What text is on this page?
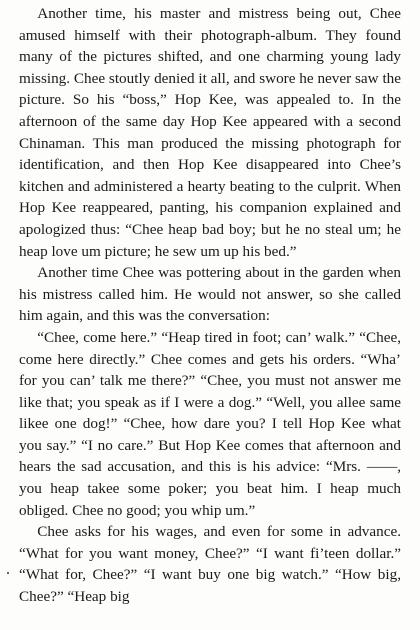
Another time, his master and mistress being out, Chee amused himself with their photograph-album. They found many of the pictures shifted, and one charming young lady missing. Chee stoutly denied it all, and swore he never saw the picture. So his “boss,” Hop Kee, was appealed to. In the afternoon of the same day Hop Kee appeared with a second Chinaman. This man produced the missing photograph for identification, and then Hop Kee disappeared into Chee’s kitchen and administered a hearty beating to the culprit. When Hop Kee reappeared, panting, his companion explained and apologized thus: “Chee heap bad boy; but he no steal um; he heap love um picture; he sew um up his bed.”

Another time Chee was pottering about in the garden when his mistress called him. He would not answer, so she called him again, and this was the conversation:

“Chee, come here.” “Heap tired in foot; can’ walk.” “Chee, come here directly.” Chee comes and gets his orders. “Wha’ for you can’ talk me there?” “Chee, you must not answer me like that; you speak as if I were a dog.” “Well, you allee same likee one dog!” “Chee, how dare you? I tell Hop Kee what you say.” “I no care.” But Hop Kee comes that afternoon and hears the sad accusation, and this is his advice: “Mrs. ——, you heap takee some poker; you beat him. I heap much obliged. Chee no good; you whip um.”

Chee asks for his wages, and even for some in advance. “What for you want money, Chee?” “I want fi’teen dollar.” “What for, Chee?” “I want buy one big watch.” “How big, Chee?” “Heap big
